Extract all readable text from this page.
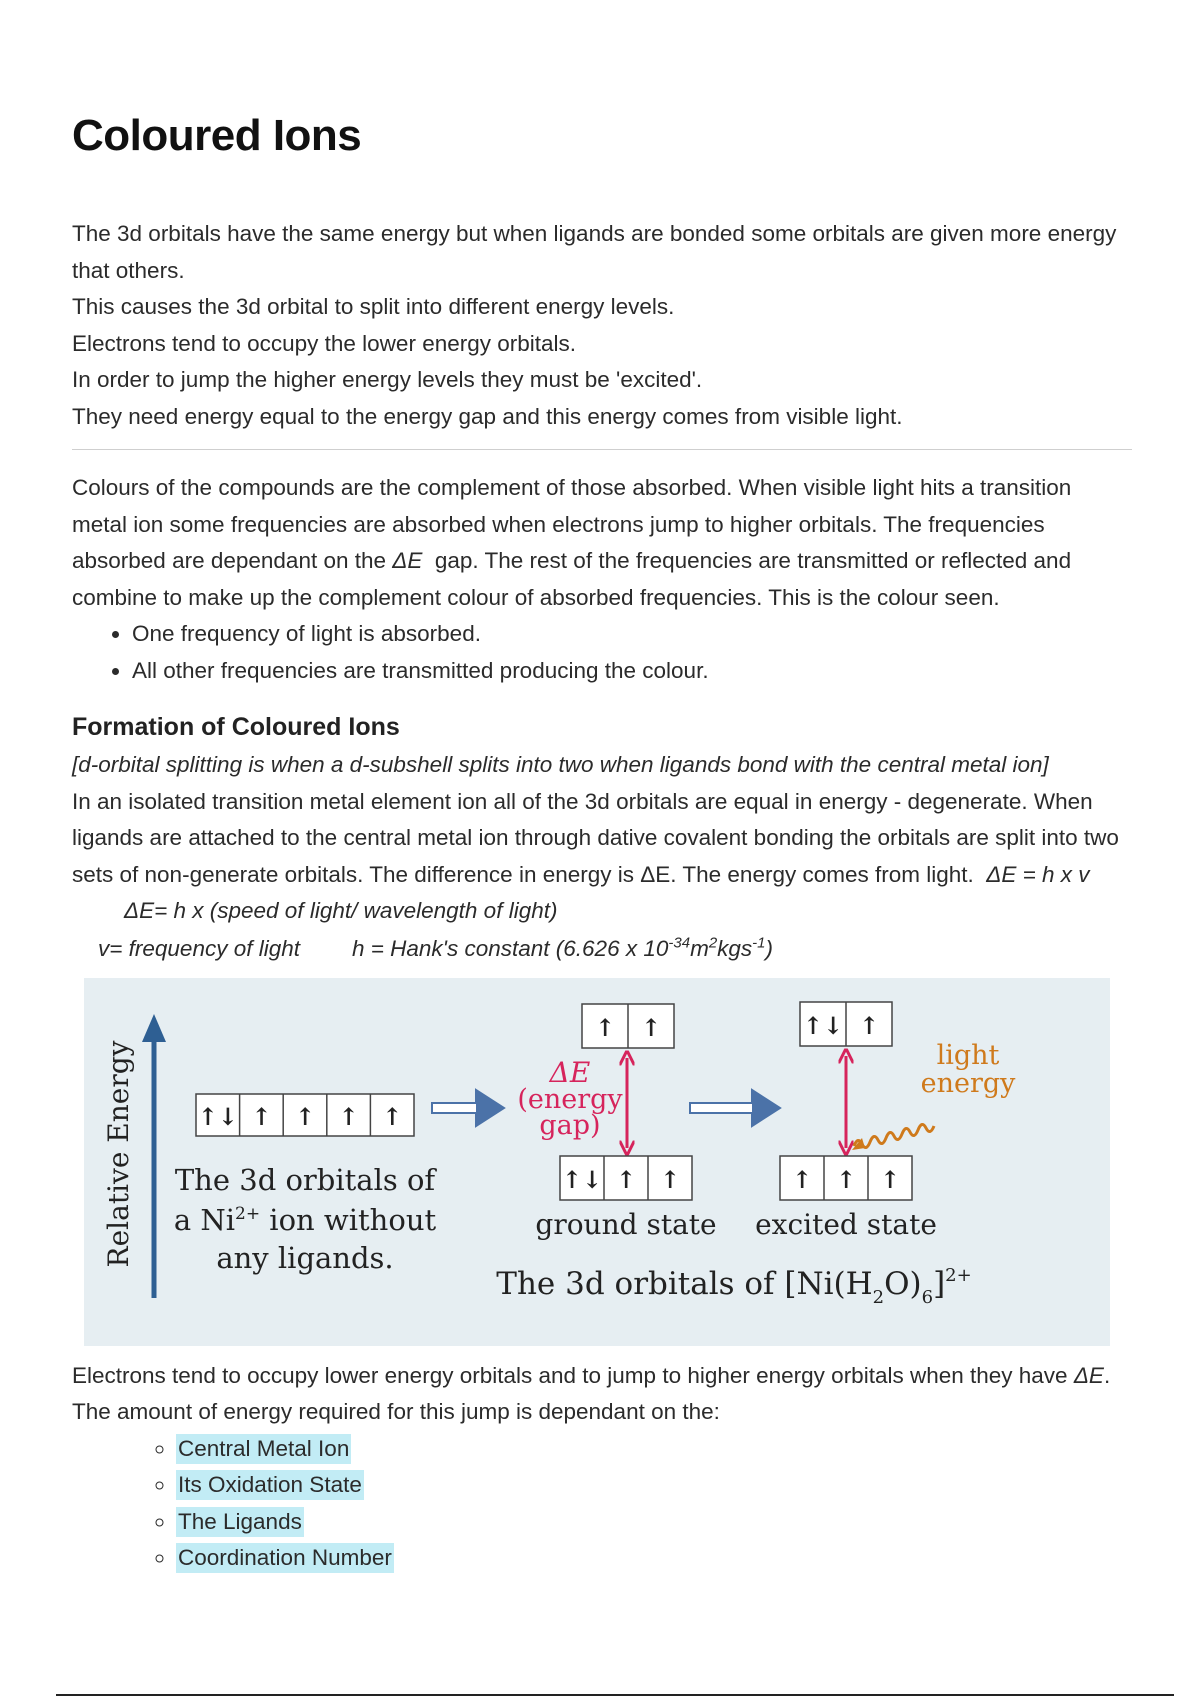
Coloured Ions

The 3d orbitals have the same energy but when ligands are bonded some orbitals are given more energy that others.

This causes the 3d orbital to split into different energy levels.

Electrons tend to occupy the lower energy orbitals.

In order to jump the higher energy levels they must be 'excited'.

They need energy equal to the energy gap and this energy comes from visible light.

Colours of the compounds are the complement of those absorbed. When visible light hits a transition metal ion some frequencies are absorbed when electrons jump to higher orbitals. The frequencies absorbed are dependant on the ΔE gap. The rest of the frequencies are transmitted or reflected and combine to make up the complement colour of absorbed frequencies. This is the colour seen.
• One frequency of light is absorbed.
• All other frequencies are transmitted producing the colour.
Formation of Coloured Ions
[d-orbital splitting is when a d-subshell splits into two when ligands bond with the central metal ion]
In an isolated transition metal element ion all of the 3d orbitals are equal in energy - degenerate. When ligands are attached to the central metal ion through dative covalent bonding the orbitals are split into two sets of non-generate orbitals. The difference in energy is ΔE. The energy comes from light. ΔE = h x vΔE= h x (speed of light/ wavelength of light)
v= frequency of light h = Hank's constant (6.626 x $10^{-34}m^2kgs^{-1}$)
Relative Energy	↑↓ ↑ ↑ ↑ ↑
The 3d orbitals of
a $Ni^{2+}$ ion without
any ligands.
↑ ↑
ΔE
(energy
gap)
↑↓ ↑ ↑
ground state
↑↓ ↑
light
energy
↑ ↑ ↑
excited state
The 3d orbitals of $[Ni(H_2O)_6]^{2+}$
Electrons tend to occupy lower energy orbitals and to jump to higher energy orbitals when they have ΔE. The amount of energy required for this jump is dependant on the:
◦ Central Metal Ion
◦ Its Oxidation State
◦ The Ligands
◦ Coordination Number
